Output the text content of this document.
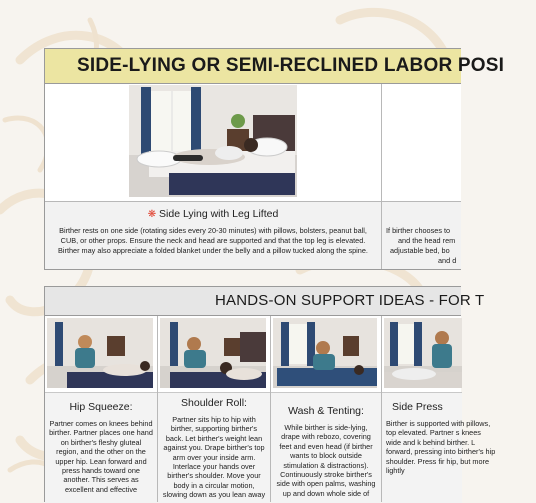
SIDE-LYING OR SEMI-RECLINED LABOR POSI
❋ Side Lying with Leg Lifted
Birther rests on one side (rotating sides every 20-30 minutes) with pillows, bolsters, peanut ball, CUB, or other props. Ensure the neck and head are supported and that the top leg is elevated. Birther may also appreciate a folded blanket under the belly and a pillow tucked along the spine.
If birther chooses to
and the head rem
adjustable bed, bo
and d
HANDS-ON SUPPORT IDEAS - FOR T
Hip Squeeze:
Partner comes on knees behind birther. Partner places one hand on birther's fleshy gluteal region, and the other on the upper hip. Lean forward and press hands toward one another. This serves as excellent and effective
Shoulder Roll:
Partner sits hip to hip with birther, supporting birther's back. Let birther's weight lean against you. Drape birther's top arm over your inside arm. Interlace your hands over birther's shoulder. Move your body in a circular motion, slowing down as you lean away
Wash & Tenting:
While birther is side-lying, drape with rebozo, covering feet and even head (if birther wants to block outside stimulation & distractions). Continuously stroke birther's side with open palms, washing up and down whole side of
Side Press
Birther is supported with pillows, top elevated. Partner s knees wide and k behind birther. L forward, pressing into birther's hip shoulder. Press fir hip, but more lightly
